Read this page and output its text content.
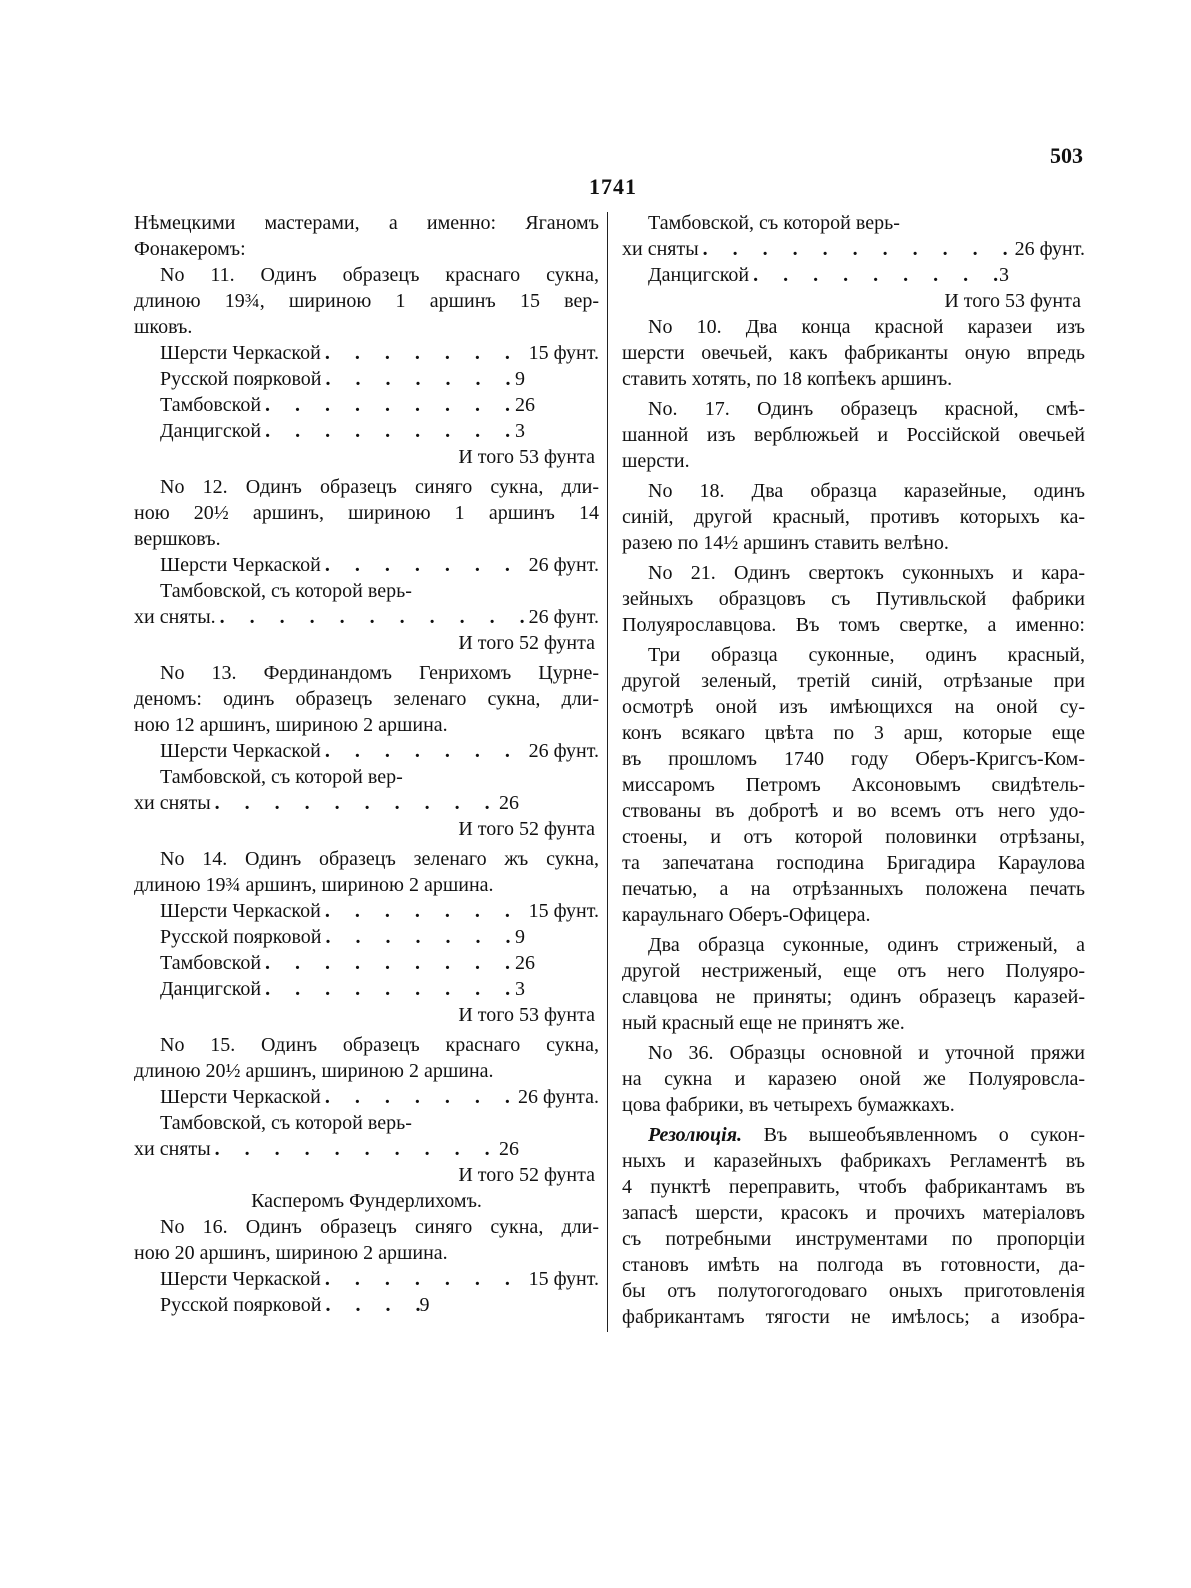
503
1741
Нѣмецкими мастерами, а именно: Яганомъ
Фонакеромъ:
No 11. Одинъ образецъ краснаго сукна,
длиною 19¾, шириною 1 аршинъ 15 вер-
шковъ.
Шерсти Черкаской . . .	15 фунт.
Русской поярковой . . .	9
Тамбовской . . .	26
Данцигской . . .	3
И того 53 фунта
No 12. Одинъ образецъ синяго сукна, дли-
ною 20½ аршинъ, шириною 1 аршинъ 14
вершковъ.
Шерсти Черкаской . . .	26 фунт.
Тамбовской, съ которой верь-
хи сняты. . . .	26 фунт.
И того 52 фунта
No 13. Фердинандомъ Генрихомъ Цурне-
деномъ: одинъ образецъ зеленаго сукна, дли-
ною 12 аршинъ, шириною 2 аршина.
Шерсти Черкаской . . .	26 фунт.
Тамбовской, съ которой вер-
хи сняты . . .	26
И того 52 фунта
No 14. Одинъ образецъ зеленаго жъ сукна,
длиною 19¾ аршинъ, шириною 2 аршина.
Шерсти Черкаской . . .	15 фунт.
Русской поярковой . . .	9
Тамбовской . . .	26
Данцигской . . .	3
И того 53 фунта
No 15. Одинъ образецъ краснаго сукна,
длиною 20½ аршинъ, шириною 2 аршина.
Шерсти Черкаской . . .	26 фунта.
Тамбовской, съ которой верь-
хи сняты . . .	26
И того 52 фунта
Касперомъ Фундерлихомъ.
No 16. Одинъ образецъ синяго сукна, дли-
ною 20 аршинъ, шириною 2 аршина.
Шерсти Черкаской . . .	15 фунт.
Русской поярковой . . .	9
Тамбовской, съ которой верь-
хи сняты . . .	26 фунт.
Данцигской . . .	3
И того 53 фунта
No 10. Два конца красной каразеи изъ
шерсти овечьей, какъ фабриканты оную впредь
ставить хотять, по 18 копѣекъ аршинъ.
No. 17. Одинъ образецъ красной, смѣ-
шанной изъ верблюжьей и Россійской овечьей
шерсти.
No 18. Два образца каразейные, одинъ
синій, другой красный, противъ которыхъ ка-
разею по 14½ аршинъ ставить велѣно.
No 21. Одинъ свертокъ суконныхъ и кара-
зейныхъ образцовъ съ Путивльской фабрики
Полуярославцова. Въ томъ свертке, а именно:
Три образца суконные, одинъ красный,
другой зеленый, третій синій, отрѣзаные при
осмотрѣ оной изъ имѣющихся на оной су-
конъ всякаго цвѣта по 3 арш, которые еще
въ прошломъ 1740 году Оберъ-Кригсъ-Ком-
миссаромъ Петромъ Аксоновымъ свидѣтель-
ствованы въ добротѣ и во всемъ отъ него удо-
стоены, и отъ которой половинки отрѣзаны,
та запечатана господина Бригадира Караулова
печатью, а на отрѣзанныхъ положена печать
караульнаго Оберъ-Офицера.
Два образца суконные, одинъ стриженый, а
другой нестриженый, еще отъ него Полуяро-
славцова не приняты; одинъ образецъ каразей-
ный красный еще не принятъ же.
No 36. Образцы основной и уточной пряжи
на сукна и каразею оной же Полуяровсла-
цова фабрики, въ четырехъ бумажкахъ.
Резолюція. Въ вышеобъявленномъ о сукон-
ныхъ и каразейныхъ фабрикахъ Регламентѣ въ
4 пунктѣ переправить, чтобъ фабрикантамъ въ
запасѣ шерсти, красокъ и прочихъ матеріаловъ
съ потребными инструментами по пропорціи
становъ имѣть на полгода въ готовности, да-
бы отъ полутогогодоваго оныхъ приготовленія
фабрикантамъ тягости не имѣлось; а изобра-
